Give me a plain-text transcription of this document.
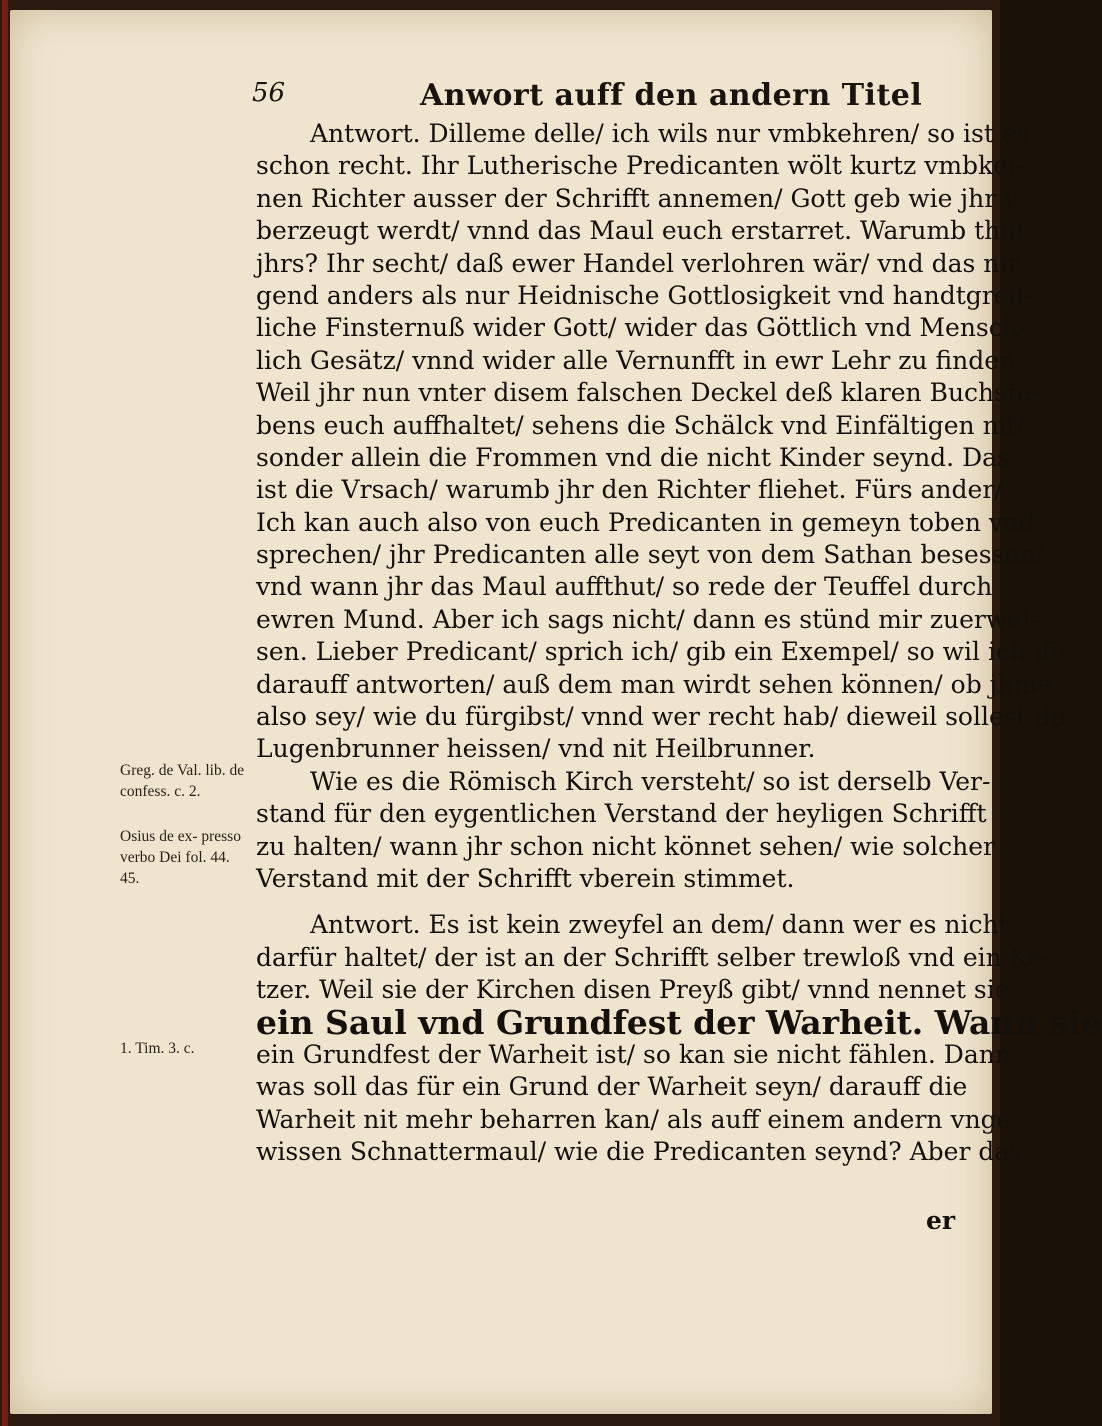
56	Anwort auff den andern Titel
Antwort. Dilleme delle/ ich wils nur vmbkehren/ so ist es
schon recht. Ihr Lutherische Predicanten wölt kurtz vmbkei-
nen Richter ausser der Schrifft annemen/ Gott geb wie jhr v-
berzeugt werdt/ vnnd das Maul euch erstarret. Warumb thut
jhrs? Ihr secht/ daß ewer Handel verlohren wär/ vnd das nir-
gend anders als nur Heidnische Gottlosigkeit vnd handtgreif-
liche Finsternuß wider Gott/ wider das Göttlich vnd Mensch-
lich Gesätz/ vnnd wider alle Vernunfft in ewr Lehr zu finden.
Weil jhr nun vnter disem falschen Deckel deß klaren Buchsta-
bens euch auffhaltet/ sehens die Schälck vnd Einfältigen nit/
sonder allein die Frommen vnd die nicht Kinder seynd. Das
ist die Vrsach/ warumb jhr den Richter fliehet. Fürs ander/
Ich kan auch also von euch Predicanten in gemeyn toben vnd
sprechen/ jhr Predicanten alle seyt von dem Sathan besessen/
vnd wann jhr das Maul auffthut/ so rede der Teuffel durch
ewren Mund. Aber ich sags nicht/ dann es stünd mir zuerwei-
sen. Lieber Predicant/ sprich ich/ gib ein Exempel/ so wil ich dir
darauff antworten/ auß dem man wirdt sehen können/ ob jhme
also sey/ wie du fürgibst/ vnnd wer recht hab/ dieweil sollest du
Lugenbrunner heissen/ vnd nit Heilbrunner.
Wie es die Römisch Kirch versteht/ so ist derselb Ver-
stand für den eygentlichen Verstand der heyligen Schrifft
zu halten/ wann jhr schon nicht könnet sehen/ wie solcher
Verstand mit der Schrifft vberein stimmet.
Antwort. Es ist kein zweyfel an dem/ dann wer es nicht
darfür haltet/ der ist an der Schrifft selber trewloß vnd ein Ke-
tzer. Weil sie der Kirchen disen Preyß gibt/ vnnd nennet sie
ein Saul vnd Grundfest der Warheit. Wann sie
ein Grundfest der Warheit ist/ so kan sie nicht fählen. Dann
was soll das für ein Grund der Warheit seyn/ darauff die
Warheit nit mehr beharren kan/ als auff einem andern vnge-
wissen Schnattermaul/ wie die Predicanten seynd? Aber das
er
Greg. de Val. lib. de confess. c. 2.
Osius de ex- presso verbo Dei fol. 44. 45.
1. Tim. 3. c.
